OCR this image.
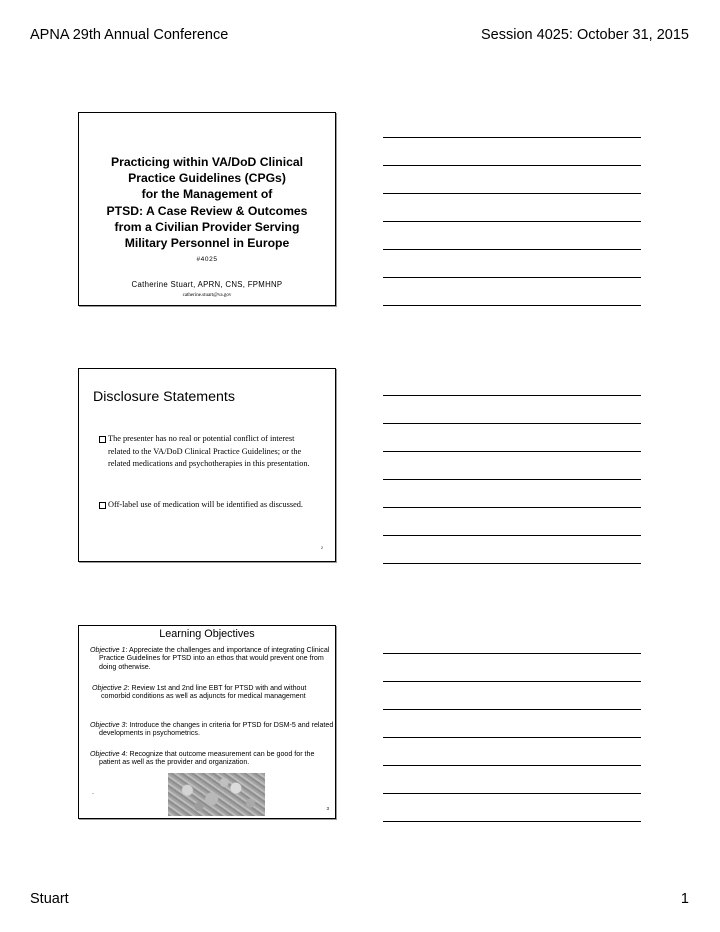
APNA 29th Annual Conference	Session 4025: October 31, 2015
Practicing within VA/DoD Clinical
Practice Guidelines (CPGs)
for the Management of
PTSD: A Case Review & Outcomes
from a Civilian Provider Serving
Military Personnel in Europe
#4025
Catherine Stuart, APRN, CNS, FPMHNP
catherine.stuart@va.gov
Disclosure Statements
The presenter has no real or potential conflict of interest related to the VA/DoD Clinical Practice Guidelines; or the related medications and psychotherapies in this presentation.
Off-label use of medication will be identified as discussed.
2
Learning Objectives
Objective 1: Appreciate the challenges and importance of integrating Clinical Practice Guidelines for PTSD into an ethos that would prevent one from doing otherwise.
Objective 2: Review 1st and 2nd line EBT for PTSD with and without comorbid conditions as well as adjuncts for medical management
Objective 3: Introduce the changes in criteria for PTSD for DSM-5 and related developments in psychometrics.
Objective 4: Recognize that outcome measurement can be good for the patient as well as the provider and organization.
.
3
Stuart	1
